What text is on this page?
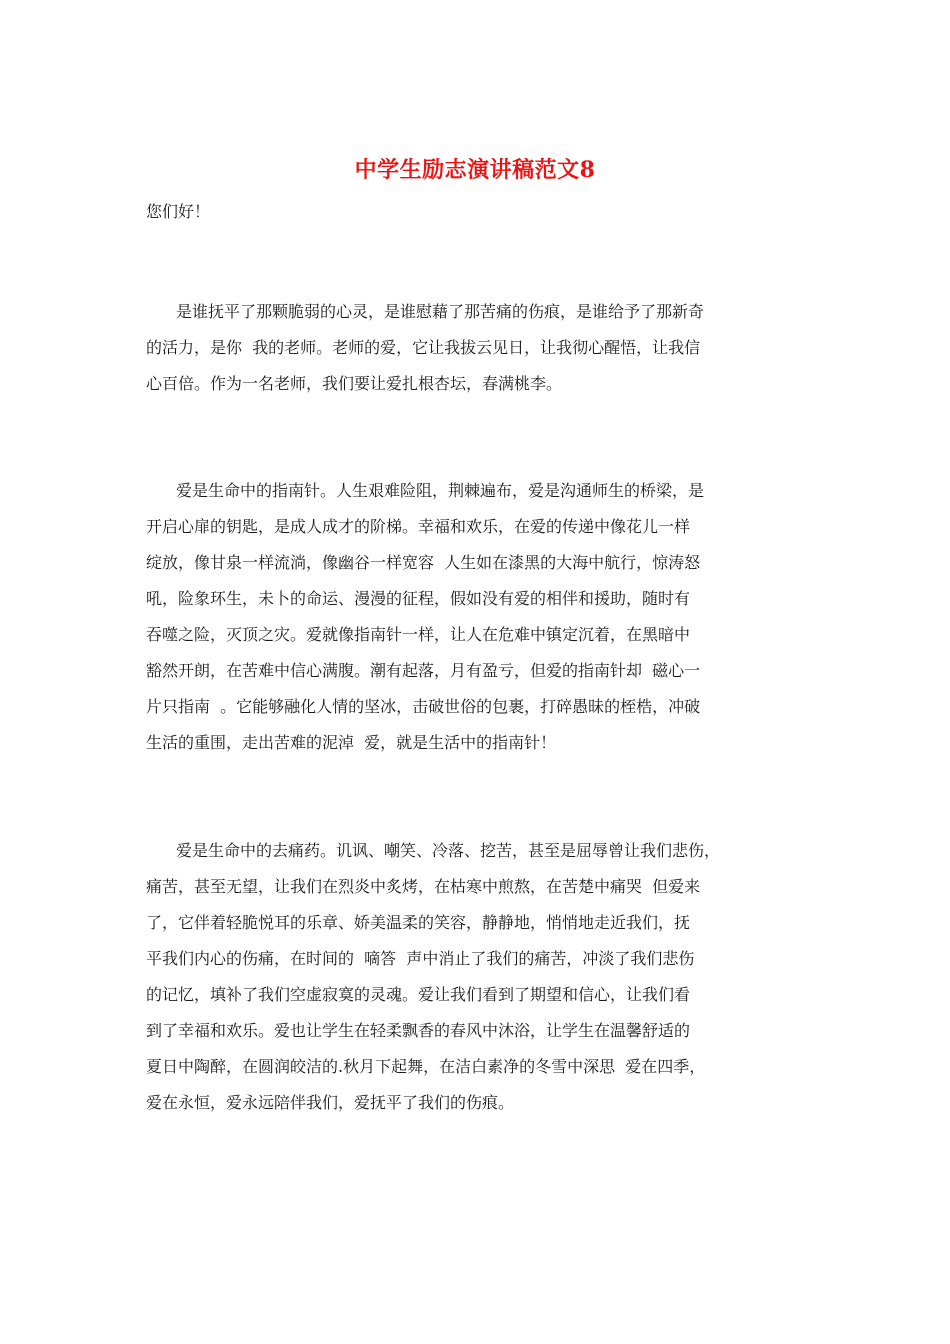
中学生励志演讲稿范文8
您们好！
是谁抚平了那颗脆弱的心灵，是谁慰藉了那苦痛的伤痕，是谁给予了那新奇
的活力，是你  我的老师。老师的爱，它让我拔云见日，让我彻心醒悟，让我信
心百倍。作为一名老师，我们要让爱扎根杏坛，春满桃李。
爱是生命中的指南针。人生艰难险阻，荆棘遍布，爱是沟通师生的桥梁，是
开启心扉的钥匙，是成人成才的阶梯。幸福和欢乐，在爱的传递中像花儿一样
绽放，像甘泉一样流淌，像幽谷一样宽容  人生如在漆黑的大海中航行，惊涛怒
吼，险象环生，未卜的命运、漫漫的征程，假如没有爱的相伴和援助，随时有
吞噬之险，灭顶之灾。爱就像指南针一样，让人在危难中镇定沉着，在黑暗中
豁然开朗，在苦难中信心满腹。潮有起落，月有盈亏，但爱的指南针却  磁心一
片只指南  。它能够融化人情的坚冰，击破世俗的包裹，打碎愚昧的桎梏，冲破
生活的重围，走出苦难的泥淖  爱，就是生活中的指南针！
爱是生命中的去痛药。讥讽、嘲笑、冷落、挖苦，甚至是屈辱曾让我们悲伤，
痛苦，甚至无望，让我们在烈炎中炙烤，在枯寒中煎熬，在苦楚中痛哭  但爱来
了，它伴着轻脆悦耳的乐章、娇美温柔的笑容，静静地，悄悄地走近我们，抚
平我们内心的伤痛，在时间的  嘀答  声中消止了我们的痛苦，冲淡了我们悲伤
的记忆，填补了我们空虚寂寞的灵魂。爱让我们看到了期望和信心，让我们看
到了幸福和欢乐。爱也让学生在轻柔飘香的春风中沐浴，让学生在温馨舒适的
夏日中陶醉，在圆润皎洁的.秋月下起舞，在洁白素净的冬雪中深思  爱在四季，
爱在永恒，爱永远陪伴我们，爱抚平了我们的伤痕。
